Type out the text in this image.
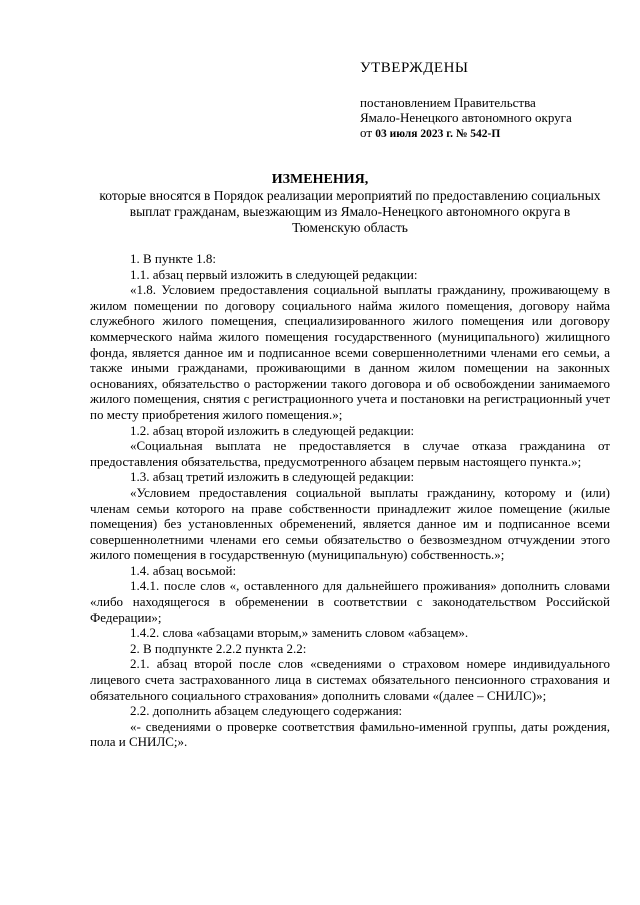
УТВЕРЖДЕНЫ
постановлением Правительства
Ямало-Ненецкого автономного округа
от 03 июля 2023 г. № 542-П
ИЗМЕНЕНИЯ,
которые вносятся в Порядок реализации мероприятий по предоставлению социальных выплат гражданам, выезжающим из Ямало-Ненецкого автономного округа в Тюменскую область

1. В пункте 1.8:

1.1. абзац первый изложить в следующей редакции:

«1.8. Условием предоставления социальной выплаты гражданину, проживающему в жилом помещении по договору социального найма жилого помещения, договору найма служебного жилого помещения, специализированного жилого помещения или договору коммерческого найма жилого помещения государственного (муниципального) жилищного фонда, является данное им и подписанное всеми совершеннолетними членами его семьи, а также иными гражданами, проживающими в данном жилом помещении на законных основаниях, обязательство о расторжении такого договора и об освобождении занимаемого жилого помещения, снятия с регистрационного учета и постановки на регистрационный учет по месту приобретения жилого помещения.»;

1.2. абзац второй изложить в следующей редакции:

«Социальная выплата не предоставляется в случае отказа гражданина от предоставления обязательства, предусмотренного абзацем первым настоящего пункта.»;

1.3. абзац третий изложить в следующей редакции:

«Условием предоставления социальной выплаты гражданину, которому и (или) членам семьи которого на праве собственности принадлежит жилое помещение (жилые помещения) без установленных обременений, является данное им и подписанное всеми совершеннолетними членами его семьи обязательство о безвозмездном отчуждении этого жилого помещения в государственную (муниципальную) собственность.»;

1.4. абзац восьмой:

1.4.1. после слов «, оставленного для дальнейшего проживания» дополнить словами «либо находящегося в обременении в соответствии с законодательством Российской Федерации»;

1.4.2. слова «абзацами вторым,» заменить словом «абзацем».

2. В подпункте 2.2.2 пункта 2.2:

2.1. абзац второй после слов «сведениями о страховом номере индивидуального лицевого счета застрахованного лица в системах обязательного пенсионного страхования и обязательного социального страхования» дополнить словами «(далее – СНИЛС)»;

2.2. дополнить абзацем следующего содержания:

«- сведениями о проверке соответствия фамильно-именной группы, даты рождения, пола и СНИЛС;».
